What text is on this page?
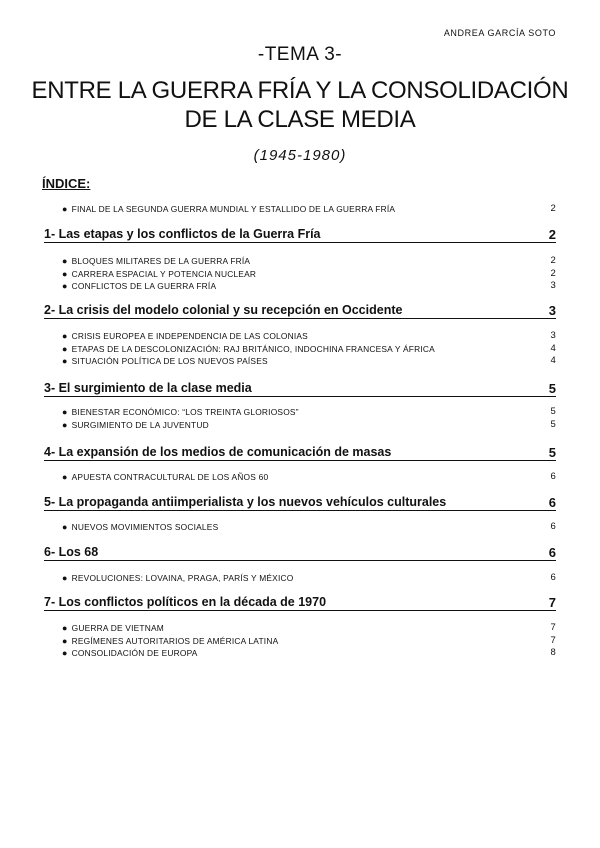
ANDREA GARCÍA SOTO
-TEMA 3-
ENTRE LA GUERRA FRÍA Y LA CONSOLIDACIÓN
DE LA CLASE MEDIA
(1945-1980)
ÍNDICE:
● FINAL DE LA SEGUNDA GUERRA MUNDIAL Y ESTALLIDO DE LA GUERRA FRÍA	2
1- Las etapas y los conflictos de la Guerra Fría	2
● BLOQUES MILITARES DE LA GUERRA FRÍA	2
● CARRERA ESPACIAL Y POTENCIA NUCLEAR	2
● CONFLICTOS DE LA GUERRA FRÍA	3
2- La crisis del modelo colonial y su recepción en Occidente	3
● CRISIS EUROPEA E INDEPENDENCIA DE LAS COLONIAS	3
● ETAPAS DE LA DESCOLONIZACIÓN: RAJ BRITÁNICO, INDOCHINA FRANCESA Y ÁFRICA	4
● SITUACIÓN POLÍTICA DE LOS NUEVOS PAÍSES	4
3- El surgimiento de la clase media	5
● BIENESTAR ECONÓMICO: “LOS TREINTA GLORIOSOS”	5
● SURGIMIENTO DE LA JUVENTUD	5
4- La expansión de los medios de comunicación de masas	5
● APUESTA CONTRACULTURAL DE LOS AÑOS 60	6
5- La propaganda antiimperialista y los nuevos vehículos culturales	6
● NUEVOS MOVIMIENTOS SOCIALES	6
6- Los 68	6
● REVOLUCIONES: LOVAINA, PRAGA, PARÍS Y MÉXICO	6
7- Los conflictos políticos en la década de 1970	7
● GUERRA DE VIETNAM	7
● REGÍMENES AUTORITARIOS DE AMÉRICA LATINA	7
● CONSOLIDACIÓN DE EUROPA	8
